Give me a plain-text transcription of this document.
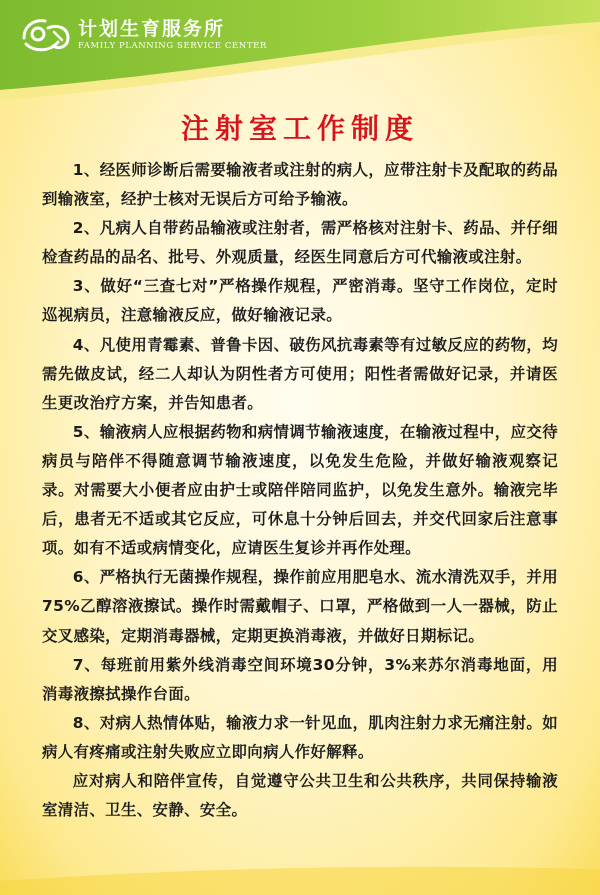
计划生育服务所
FAMILY PLANNING SERVICE CENTER
注射室工作制度

1、经医师诊断后需要输液者或注射的病人，应带注射卡及配取的药品到输液室，经护士核对无误后方可给予输液。

2、凡病人自带药品输液或注射者，需严格核对注射卡、药品、并仔细检查药品的品名、批号、外观质量，经医生同意后方可代输液或注射。

3、做好“三查七对”严格操作规程，严密消毒。坚守工作岗位，定时巡视病员，注意输液反应，做好输液记录。

4、凡使用青霉素、普鲁卡因、破伤风抗毒素等有过敏反应的药物，均需先做皮试，经二人却认为阴性者方可使用；阳性者需做好记录，并请医生更改治疗方案，并告知患者。

5、输液病人应根据药物和病情调节输液速度，在输液过程中，应交待病员与陪伴不得随意调节输液速度，以免发生危险，并做好输液观察记录。对需要大小便者应由护士或陪伴陪同监护，以免发生意外。输液完毕后，患者无不适或其它反应，可休息十分钟后回去，并交代回家后注意事项。如有不适或病情变化，应请医生复诊并再作处理。

6、严格执行无菌操作规程，操作前应用肥皂水、流水清洗双手，并用75%乙醇溶液擦试。操作时需戴帽子、口罩，严格做到一人一器械，防止交叉感染，定期消毒器械，定期更换消毒液，并做好日期标记。

7、每班前用紫外线消毒空间环境30分钟，3%来苏尔消毒地面，用消毒液擦拭操作台面。

8、对病人热情体贴，输液力求一针见血，肌肉注射力求无痛注射。如病人有疼痛或注射失败应立即向病人作好解释。

应对病人和陪伴宣传，自觉遵守公共卫生和公共秩序，共同保持输液室清洁、卫生、安静、安全。
